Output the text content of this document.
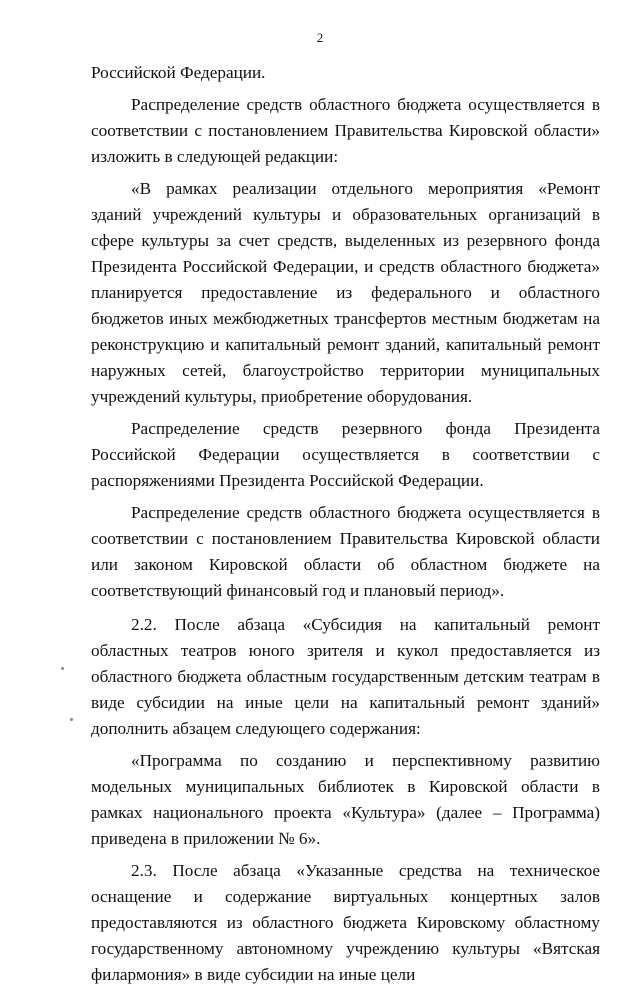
2

Российской Федерации.

Распределение средств областного бюджета осуществляется в соответствии с постановлением Правительства Кировской области» изложить в следующей редакции:

«В рамках реализации отдельного мероприятия «Ремонт зданий учреждений культуры и образовательных организаций в сфере культуры за счет средств, выделенных из резервного фонда Президента Российской Федерации, и средств областного бюджета» планируется предоставление из федерального и областного бюджетов иных межбюджетных трансфертов местным бюджетам на реконструкцию и капитальный ремонт зданий, капитальный ремонт наружных сетей, благоустройство территории муниципальных учреждений культуры, приобретение оборудования.

Распределение средств резервного фонда Президента Российской Федерации осуществляется в соответствии с распоряжениями Президента Российской Федерации.

Распределение средств областного бюджета осуществляется в соответствии с постановлением Правительства Кировской области или законом Кировской области об областном бюджете на соответствующий финансовый год и плановый период».

2.2. После абзаца «Субсидия на капитальный ремонт областных театров юного зрителя и кукол предоставляется из областного бюджета областным государственным детским театрам в виде субсидии на иные цели на капитальный ремонт зданий» дополнить абзацем следующего содержания:

«Программа по созданию и перспективному развитию модельных муниципальных библиотек в Кировской области в рамках национального проекта «Культура» (далее – Программа) приведена в приложении № 6».

2.3. После абзаца «Указанные средства на техническое оснащение и содержание виртуальных концертных залов предоставляются из областного бюджета Кировскому областному государственному автономному учреждению культуры «Вятская филармония» в виде субсидии на иные цели
